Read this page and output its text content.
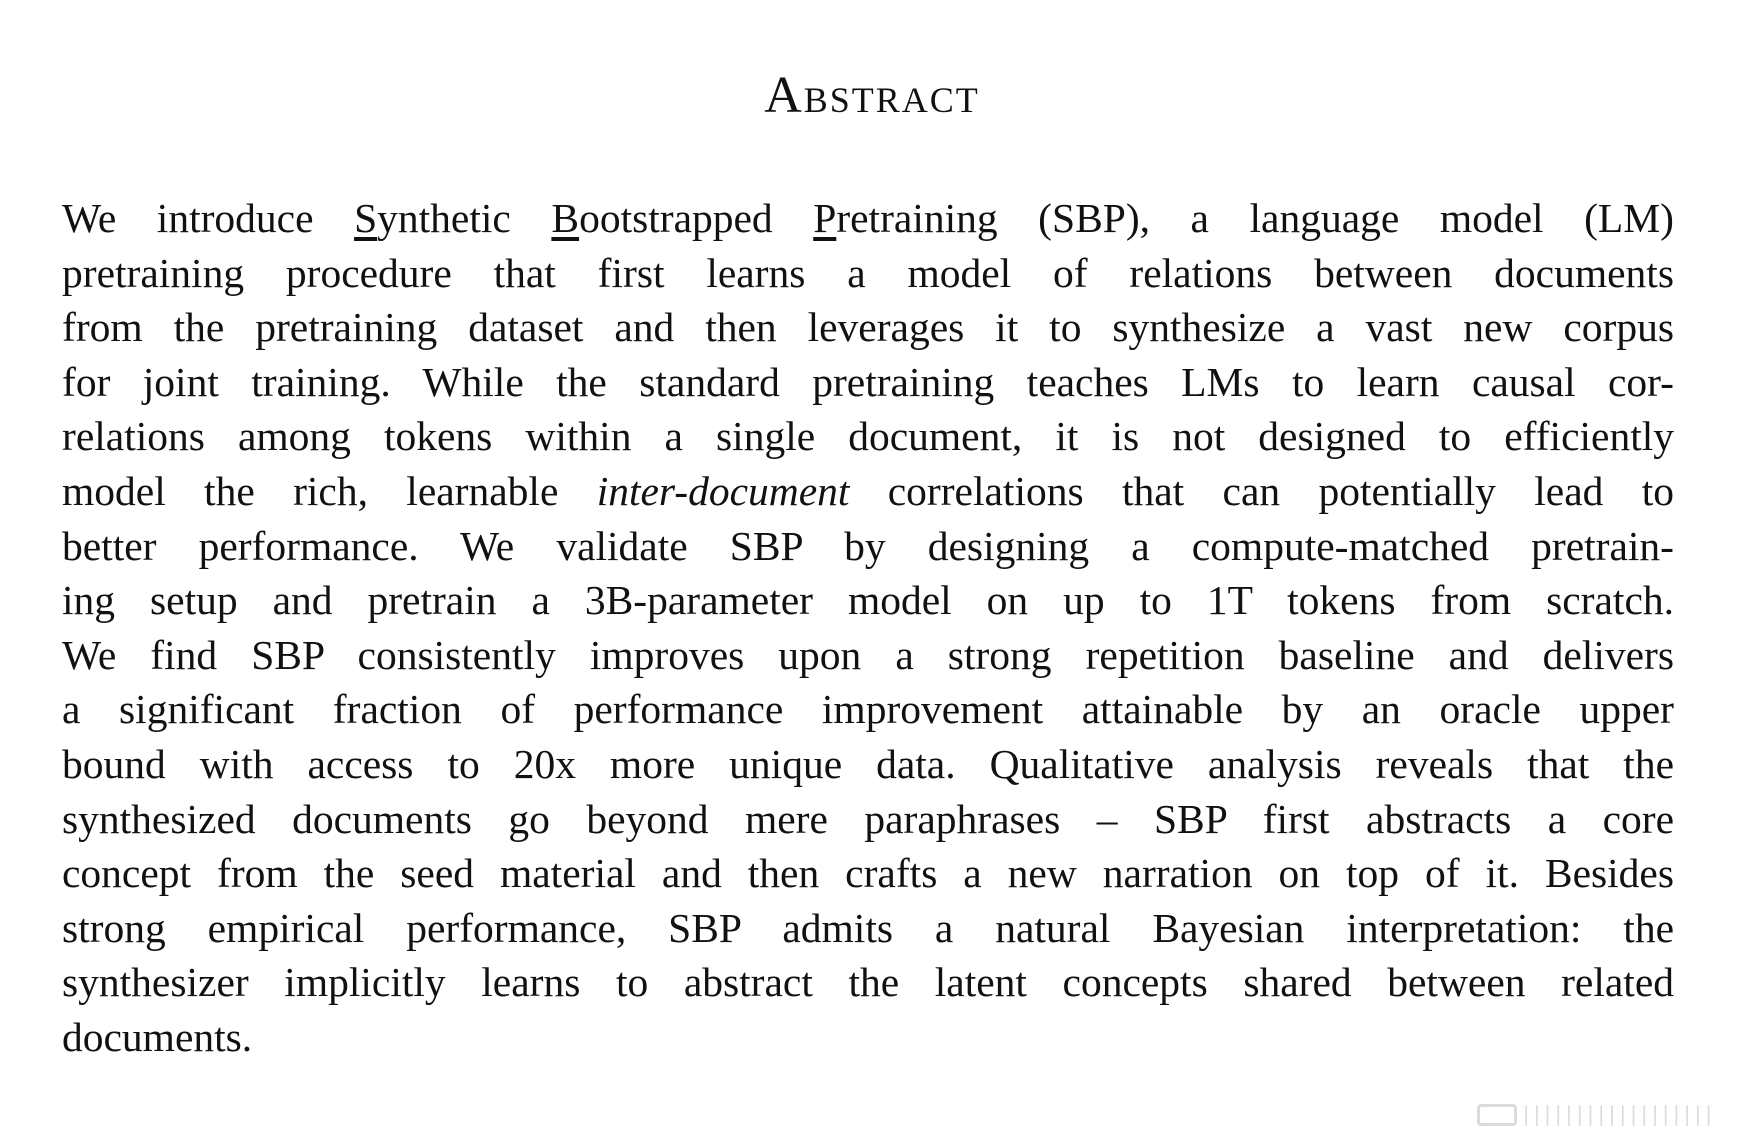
Abstract
We introduce Synthetic Bootstrapped Pretraining (SBP), a language model (LM)
pretraining procedure that first learns a model of relations between documents
from the pretraining dataset and then leverages it to synthesize a vast new corpus
for joint training. While the standard pretraining teaches LMs to learn causal cor-
relations among tokens within a single document, it is not designed to efficiently
model the rich, learnable inter-document correlations that can potentially lead to
better performance. We validate SBP by designing a compute-matched pretrain-
ing setup and pretrain a 3B-parameter model on up to 1T tokens from scratch.
We find SBP consistently improves upon a strong repetition baseline and delivers
a significant fraction of performance improvement attainable by an oracle upper
bound with access to 20x more unique data. Qualitative analysis reveals that the
synthesized documents go beyond mere paraphrases – SBP first abstracts a core
concept from the seed material and then crafts a new narration on top of it. Besides
strong empirical performance, SBP admits a natural Bayesian interpretation: the
synthesizer implicitly learns to abstract the latent concepts shared between related
documents.
||||||||||||||||||
